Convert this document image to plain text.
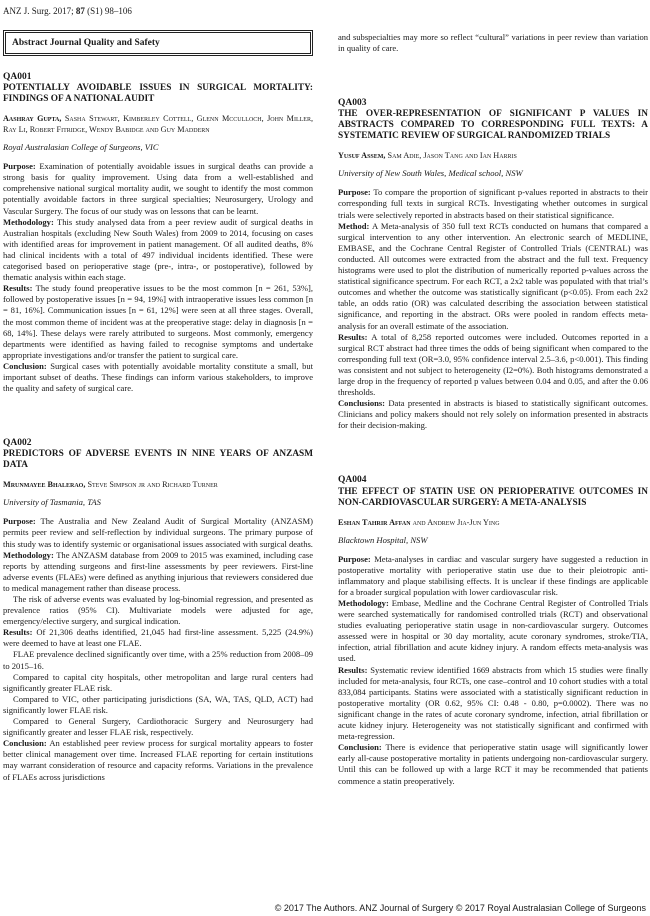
ANZ J. Surg. 2017; 87 (S1) 98–106
Abstract Journal Quality and Safety
QA001
POTENTIALLY AVOIDABLE ISSUES IN SURGICAL MORTALITY: FINDINGS OF A NATIONAL AUDIT
Aashray Gupta, Sasha Stewart, Kimberley Cottell, Glenn Mcculloch, John Miller, Ray Li, Robert Fitridge, Wendy Babidge and Guy Maddern
Royal Australasian College of Surgeons, VIC

Purpose: Examination of potentially avoidable issues in surgical deaths can provide a strong basis for quality improvement. Using data from a well-established and comprehensive national surgical mortality audit, we sought to identify the most common potentially avoidable factors in three surgical specialties; Neurosurgery, Urology and Vascular Surgery. The focus of our study was on lessons that can be learnt.

Methodology: This study analysed data from a peer review audit of surgical deaths in Australian hospitals (excluding New South Wales) from 2009 to 2014, focusing on cases with identified areas for improvement in patient management. Of all audited deaths, 8% had clinical incidents with a total of 497 individual incidents identified. These were categorised based on perioperative stage (pre-, intra-, or postoperative), followed by thematic analysis within each stage.

Results: The study found preoperative issues to be the most common [n = 261, 53%], followed by postoperative issues [n = 94, 19%] with intraoperative issues less common [n = 81, 16%]. Communication issues [n = 61, 12%] were seen at all three stages. Overall, the most common theme of incident was at the preoperative stage: delay in diagnosis [n = 68, 14%]. These delays were rarely attributed to surgeons. Most commonly, emergency departments were identified as having failed to recognise symptoms and undertake appropriate investigations and/or transfer the patient to surgical care.

Conclusion: Surgical cases with potentially avoidable mortality constitute a small, but important subset of deaths. These findings can inform various stakeholders, to improve the quality and safety of surgical care.

QA002
PREDICTORS OF ADVERSE EVENTS IN NINE YEARS OF ANZASM DATA
Mrunmayee Bhalerao, Steve Simpson jr and Richard Turner
University of Tasmania, TAS

Purpose: The Australia and New Zealand Audit of Surgical Mortality (ANZASM) permits peer review and self-reflection by individual surgeons. The primary purpose of this study was to identify systemic or organisational issues associated with surgical deaths.

Methodology: The ANZASM database from 2009 to 2015 was examined, including case reports by attending surgeons and first-line assessments by peer reviewers. First-line adverse events (FLAEs) were defined as anything injurious that reviewers considered due to medical management rather than disease process.

The risk of adverse events was evaluated by log-binomial regression, and presented as prevalence ratios (95% CI). Multivariate models were adjusted for age, emergency/elective surgery, and surgical indication.

Results: Of 21,306 deaths identified, 21,045 had first-line assessment. 5,225 (24.9%) were deemed to have at least one FLAE.

FLAE prevalence declined significantly over time, with a 25% reduction from 2008–09 to 2015–16.

Compared to capital city hospitals, other metropolitan and large rural centers had significantly greater FLAE risk.

Compared to VIC, other participating jurisdictions (SA, WA, TAS, QLD, ACT) had significantly lower FLAE risk.

Compared to General Surgery, Cardiothoracic Surgery and Neurosurgery had significantly greater and lesser FLAE risk, respectively.

Conclusion: An established peer review process for surgical mortality appears to foster better clinical management over time. Increased FLAE reporting for certain institutions may warrant consideration of resource and capacity reforms. Variations in the prevalence of FLAEs across jurisdictions

and subspecialties may more so reflect “cultural” variations in peer review than variation in quality of care.
QA003
THE OVER-REPRESENTATION OF SIGNIFICANT P VALUES IN ABSTRACTS COMPARED TO CORRESPONDING FULL TEXTS: A SYSTEMATIC REVIEW OF SURGICAL RANDOMIZED TRIALS
Yusuf Assem, Sam Adie, Jason Tang and Ian Harris
University of New South Wales, Medical school, NSW

Purpose: To compare the proportion of significant p-values reported in abstracts to their corresponding full texts in surgical RCTs. Investigating whether outcomes in surgical trials were selectively reported in abstracts based on their statistical significance.

Method: A Meta-analysis of 350 full text RCTs conducted on humans that compared a surgical intervention to any other intervention. An electronic search of MEDLINE, EMBASE, and the Cochrane Central Register of Controlled Trials (CENTRAL) was conducted. All outcomes were extracted from the abstract and the full text. Frequency histograms were used to plot the distribution of numerically reported p-values across the statistical significance spectrum. For each RCT, a 2x2 table was populated with that trial’s outcomes and whether the outcome was statistically significant (p<0.05). From each 2x2 table, an odds ratio (OR) was calculated describing the association between statistical significance, and reporting in the abstract. ORs were pooled in random effects meta-analysis for an overall estimate of the association.

Results: A total of 8,258 reported outcomes were included. Outcomes reported in a surgical RCT abstract had three times the odds of being significant when compared to the corresponding full text (OR=3.0, 95% confidence interval 2.5–3.6, p<0.001). This finding was consistent and not subject to heterogeneity (I2=0%). Both histograms demonstrated a large drop in the frequency of reported p values between 0.04 and 0.05, and after the 0.06 thresholds.

Conclusions: Data presented in abstracts is biased to statistically significant outcomes. Clinicians and policy makers should not rely solely on information presented in abstracts for their decision-making.

QA004
THE EFFECT OF STATIN USE ON PERIOPERATIVE OUTCOMES IN NON-CARDIOVASCULAR SURGERY: A META-ANALYSIS
Eshan Tahrir Affan and Andrew Jia-Jun Ying
Blacktown Hospital, NSW

Purpose: Meta-analyses in cardiac and vascular surgery have suggested a reduction in postoperative mortality with perioperative statin use due to their pleiotropic anti-inflammatory and plaque stabilising effects. It is unclear if these findings are applicable for a broader surgical population with lower cardiovascular risk.

Methodology: Embase, Medline and the Cochrane Central Register of Controlled Trials were searched systematically for randomised controlled trials (RCT) and observational studies evaluating perioperative statin usage in non-cardiovascular surgery. Outcomes assessed were in hospital or 30 day mortality, acute coronary syndromes, stroke/TIA, infection, atrial fibrillation and acute kidney injury. A random effects meta-analysis was used.

Results: Systematic review identified 1669 abstracts from which 15 studies were finally included for meta-analysis, four RCTs, one case–control and 10 cohort studies with a total 833,084 participants. Statins were associated with a statistically significant reduction in postoperative mortality (OR 0.62, 95% CI: 0.48 - 0.80, p=0.0002). There was no significant change in the rates of acute coronary syndrome, infection, atrial fibrillation or acute kidney injury. Heterogeneity was not statistically significant and confirmed with meta-regression.

Conclusion: There is evidence that perioperative statin usage will significantly lower early all-cause postoperative mortality in patients undergoing non-cardiovascular surgery. Until this can be followed up with a large RCT it may be recommended that patients commence a statin preoperatively.

© 2017 The Authors. ANZ Journal of Surgery © 2017 Royal Australasian College of Surgeons
